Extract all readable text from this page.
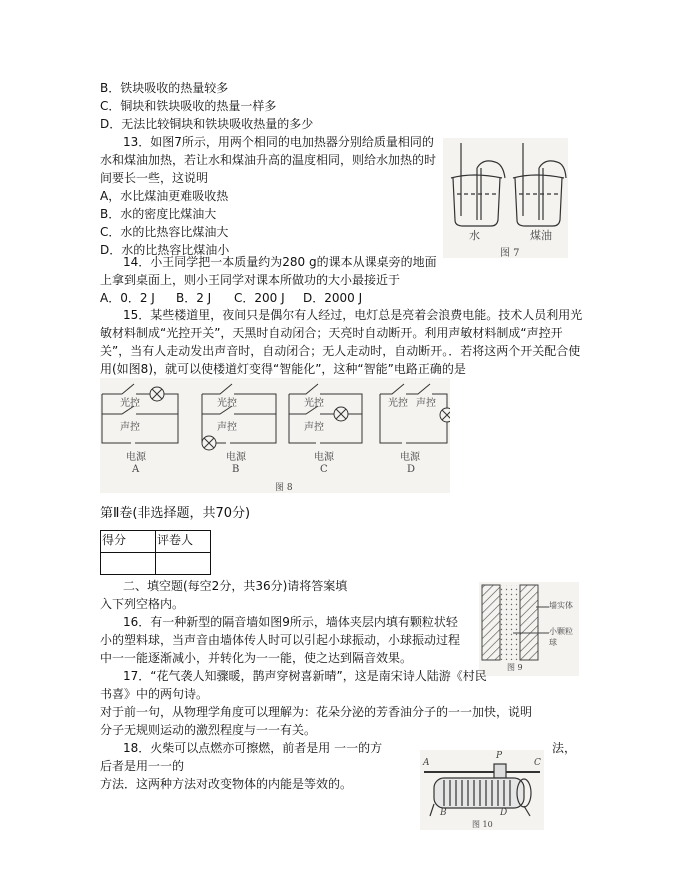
B．铁块吸收的热量较多
C．铜块和铁块吸收的热量一样多
D．无法比较铜块和铁块吸收热量的多少
13．如图7所示，用两个相同的电加热器分别给质量相同的
水和煤油加热，若让水和煤油升高的温度相同，则给水加热的时
间要长一些，这说明
A，水比煤油更难吸收热
B．水的密度比煤油大
C．水的比热容比煤油大
D．水的比热容比煤油小
水	煤油
图 7
14．小王同学把一本质量约为280 g的课本从课桌旁的地面
上拿到桌面上，则小王同学对课本所做功的大小最接近于
A．0．2 J B．2 J C．200 J D．2000 J
15．某些楼道里，夜间只是偶尔有人经过，电灯总是亮着会浪费电能。技术人员利用光
敏材料制成“光控开关”，天黑时自动闭合；天亮时自动断开。利用声敏材料制成“声控开
关”，当有人走动发出声音时，自动闭合；无人走动时，自动断开。．若将这两个开关配合使
用(如图8)，就可以使楼道灯变得“智能化”，这种“智能”电路正确的是
光控
声控
电源
A
光控
声控
电源
B
光控
声控
电源
C
光控 声控
电源
D
图 8
第Ⅱ卷(非选择题，共70分)
得分	评卷人

二、填空题(每空2分，共36分)请将答案填
入下列空格内。
16．有一种新型的隔音墙如图9所示，墙体夹层内填有颗粒状轻
小的塑料球，当声音由墙体传人时可以引起小球振动，小球振动过程
中一一能逐渐减小，并转化为一一能，使之达到隔音效果。
墙实体
小颗粒球
图 9
17．“花气袭人知骤暖，鹊声穿树喜新晴”，这是南宋诗人陆游《村民
书喜》中的两句诗。
对于前一句，从物理学角度可以理解为：花朵分泌的芳香油分子的一一加快，说明
分子无规则运动的激烈程度与一一有关。
18．火柴可以点燃亦可擦燃，前者是用 一一的方	法，
后者是用一一的
方法．这两种方法对改变物体的内能是等效的。
A
P
C
B	D
图 10
